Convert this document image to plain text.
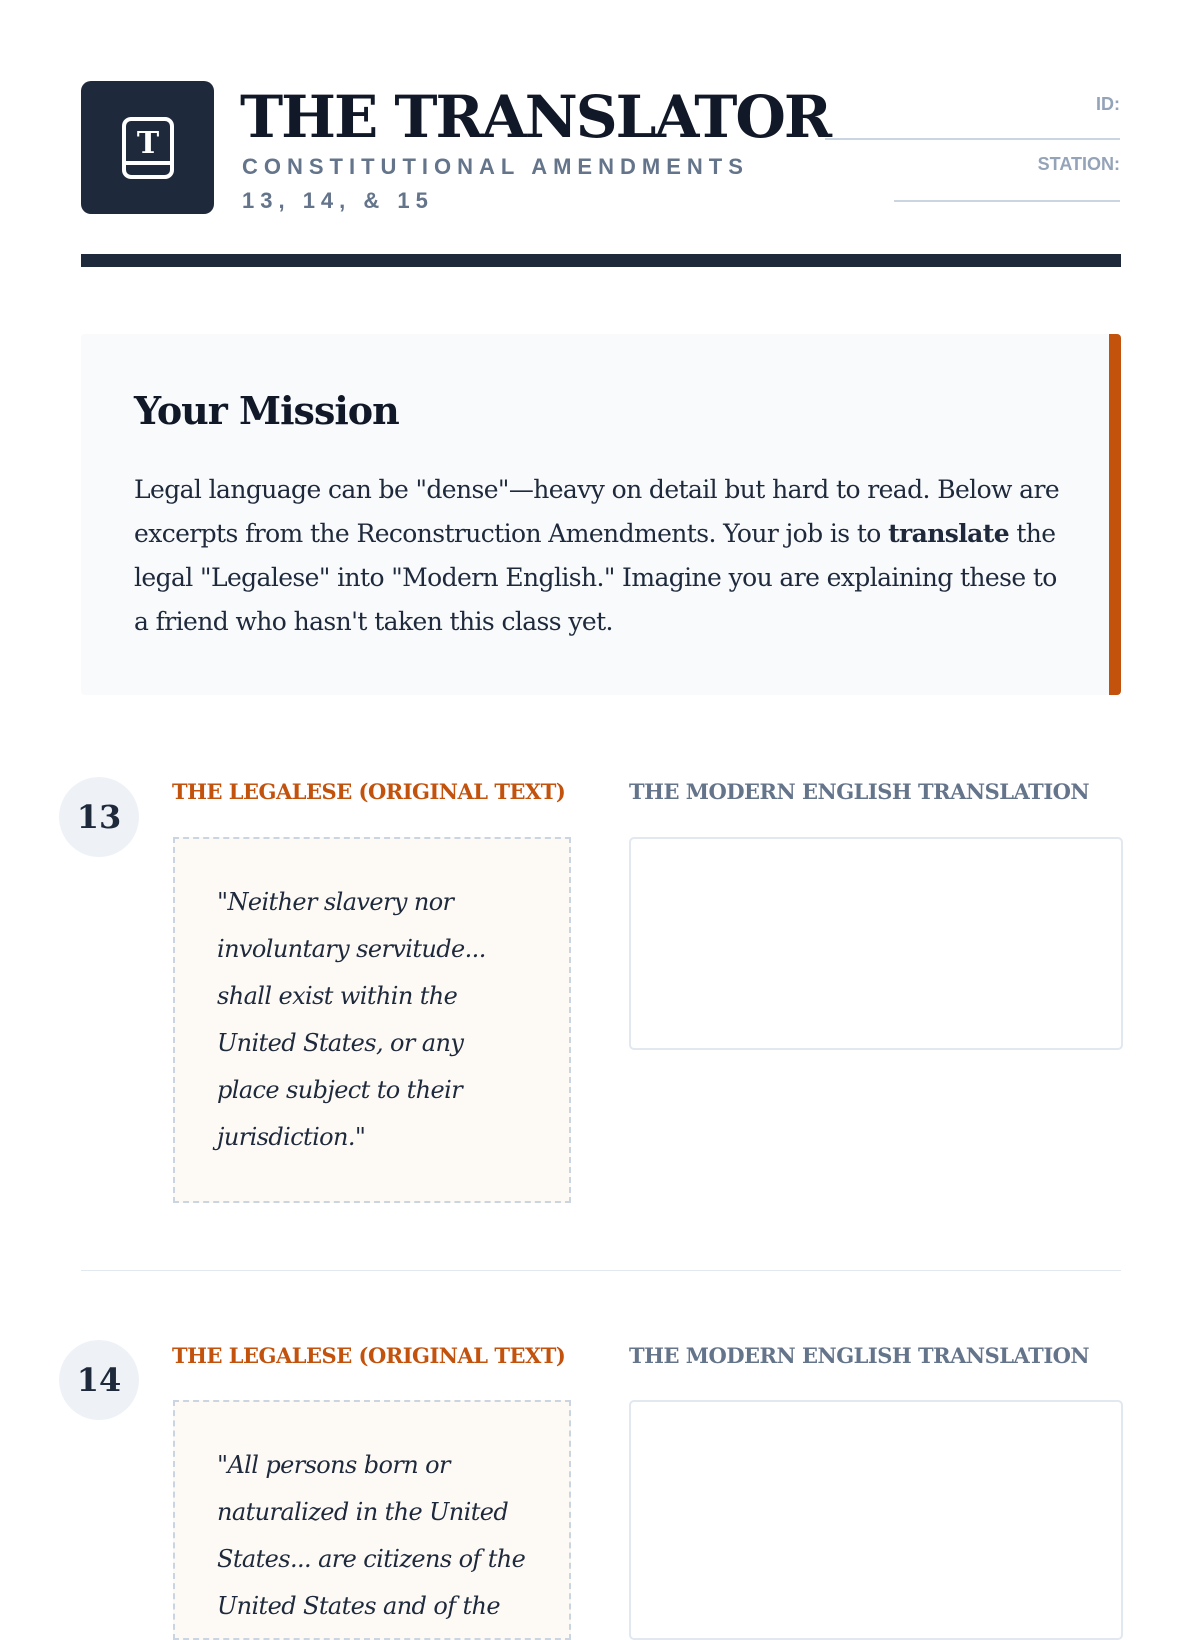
T THE TRANSLATOR
CONSTITUTIONAL AMENDMENTS 13, 14, & 15
ID:
STATION:
Your Mission
Legal language can be "dense"—heavy on detail but hard to read. Below are excerpts from the Reconstruction Amendments. Your job is to translate the legal "Legalese" into "Modern English." Imagine you are explaining these to a friend who hasn't taken this class yet.
13
THE LEGALESE (ORIGINAL TEXT)	THE MODERN ENGLISH TRANSLATION
"Neither slavery nor involuntary servitude... shall exist within the United States, or any place subject to their jurisdiction."
14
THE LEGALESE (ORIGINAL TEXT)	THE MODERN ENGLISH TRANSLATION
"All persons born or naturalized in the United States... are citizens of the United States and of the
